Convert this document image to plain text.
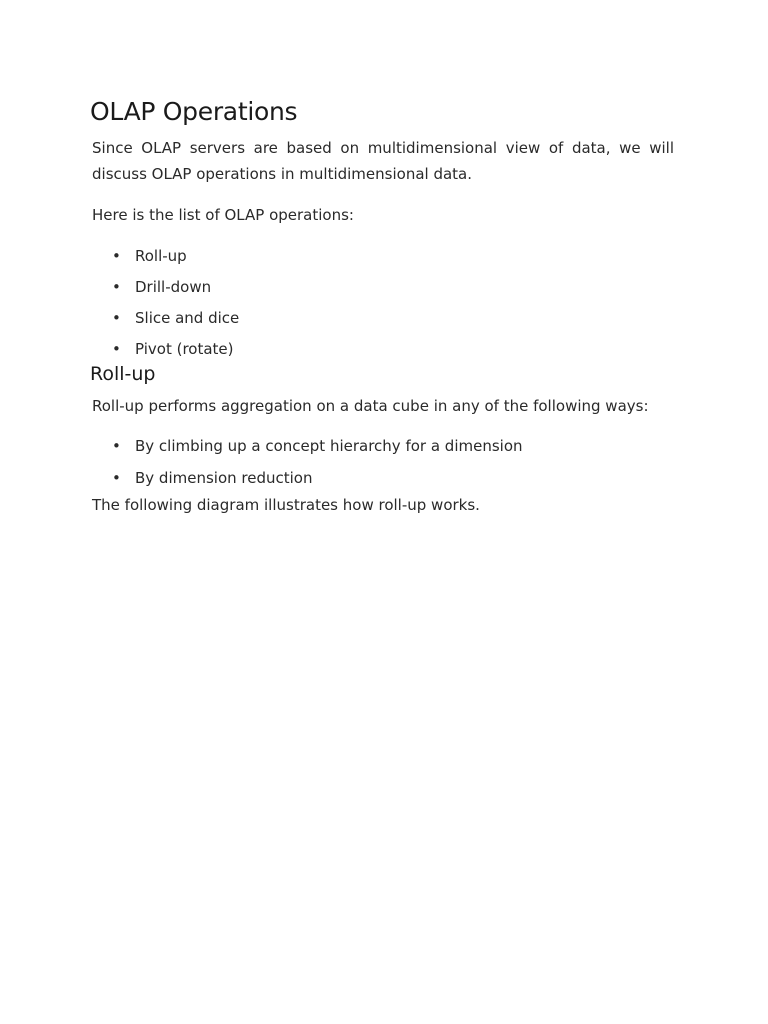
OLAP Operations

Since OLAP servers are based on multidimensional view of data, we will discuss OLAP operations in multidimensional data.

Here is the list of OLAP operations:

• Roll-up
• Drill-down
• Slice and dice
• Pivot (rotate)
Roll-up

Roll-up performs aggregation on a data cube in any of the following ways:

• By climbing up a concept hierarchy for a dimension
• By dimension reduction

The following diagram illustrates how roll-up works.
